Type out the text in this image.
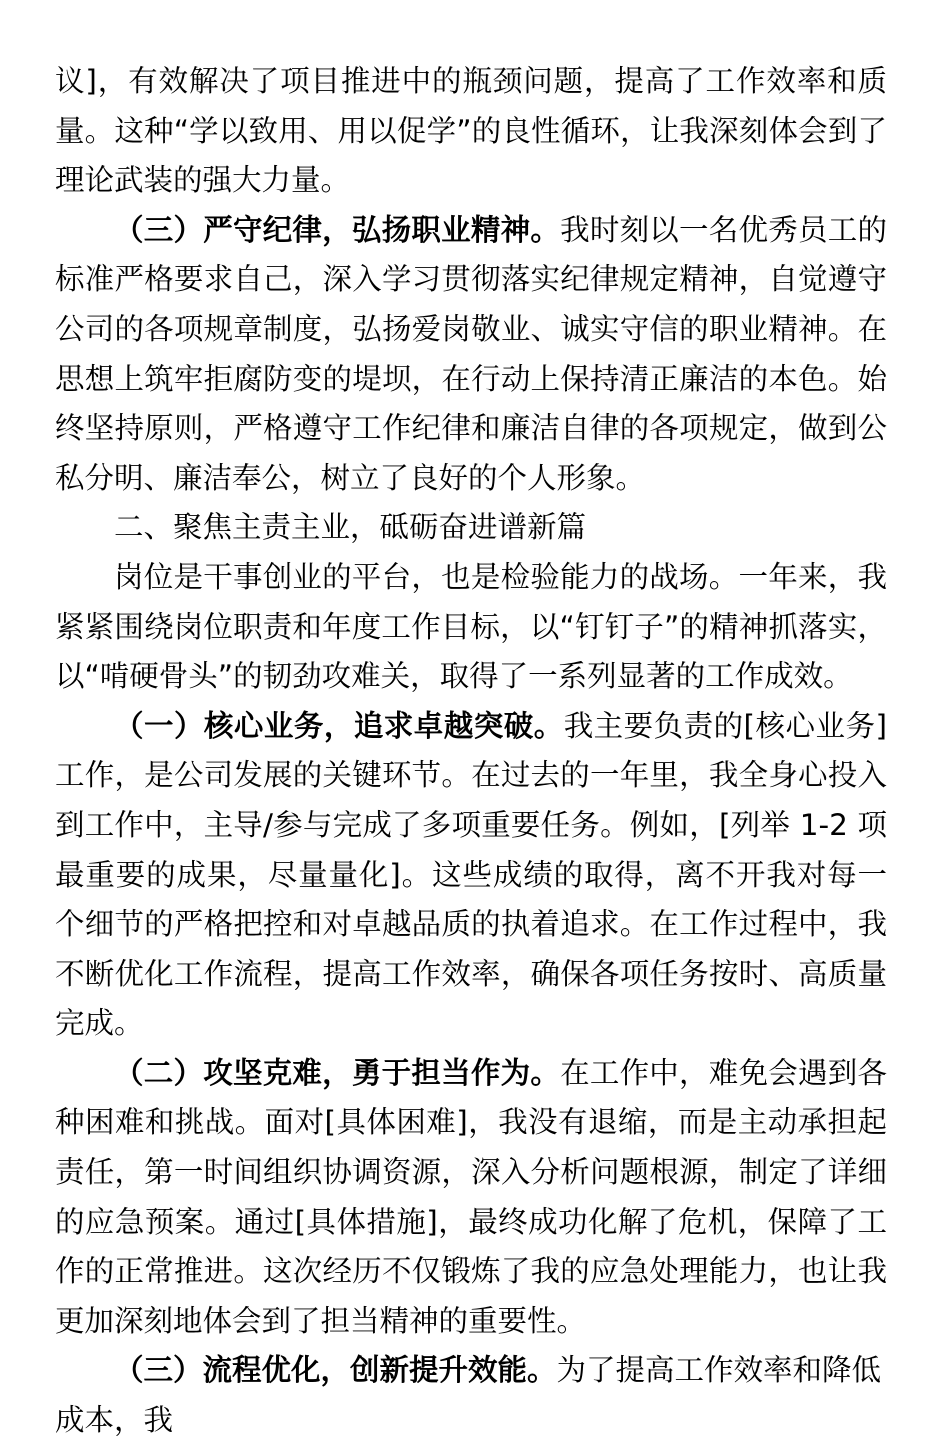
议]，有效解决了项目推进中的瓶颈问题，提高了工作效率和质量。这种“学以致用、用以促学”的良性循环，让我深刻体会到了理论武装的强大力量。

（三）严守纪律，弘扬职业精神。我时刻以一名优秀员工的标准严格要求自己，深入学习贯彻落实纪律规定精神，自觉遵守公司的各项规章制度，弘扬爱岗敬业、诚实守信的职业精神。在思想上筑牢拒腐防变的堤坝，在行动上保持清正廉洁的本色。始终坚持原则，严格遵守工作纪律和廉洁自律的各项规定，做到公私分明、廉洁奉公，树立了良好的个人形象。

二、聚焦主责主业，砥砺奋进谱新篇

岗位是干事创业的平台，也是检验能力的战场。一年来，我紧紧围绕岗位职责和年度工作目标，以“钉钉子”的精神抓落实，以“啃硬骨头”的韧劲攻难关，取得了一系列显著的工作成效。

（一）核心业务，追求卓越突破。我主要负责的[核心业务]工作，是公司发展的关键环节。在过去的一年里，我全身心投入到工作中，主导/参与完成了多项重要任务。例如，[列举 1-2 项最重要的成果，尽量量化]。这些成绩的取得，离不开我对每一个细节的严格把控和对卓越品质的执着追求。在工作过程中，我不断优化工作流程，提高工作效率，确保各项任务按时、高质量完成。

（二）攻坚克难，勇于担当作为。在工作中，难免会遇到各种困难和挑战。面对[具体困难]，我没有退缩，而是主动承担起责任，第一时间组织协调资源，深入分析问题根源，制定了详细的应急预案。通过[具体措施]，最终成功化解了危机，保障了工作的正常推进。这次经历不仅锻炼了我的应急处理能力，也让我更加深刻地体会到了担当精神的重要性。

（三）流程优化，创新提升效能。为了提高工作效率和降低成本，我
